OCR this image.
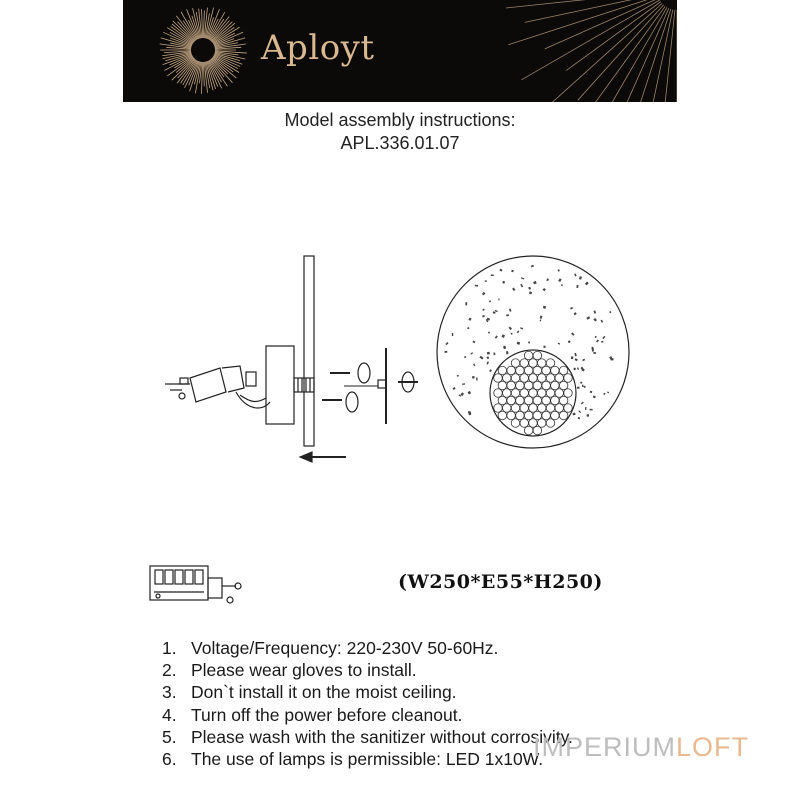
Aployt
Model assembly instructions:
APL.336.01.07
(W250*E55*H250)
1. Voltage/Frequency: 220-230V 50-60Hz.
2. Please wear gloves to install.
3. Don`t install it on the moist ceiling.
4. Turn off the power before cleanout.
5. Please wash with the sanitizer without corrosivity.
6. The use of lamps is permissible: LED 1x10W.
IMPERIUMLOFT
